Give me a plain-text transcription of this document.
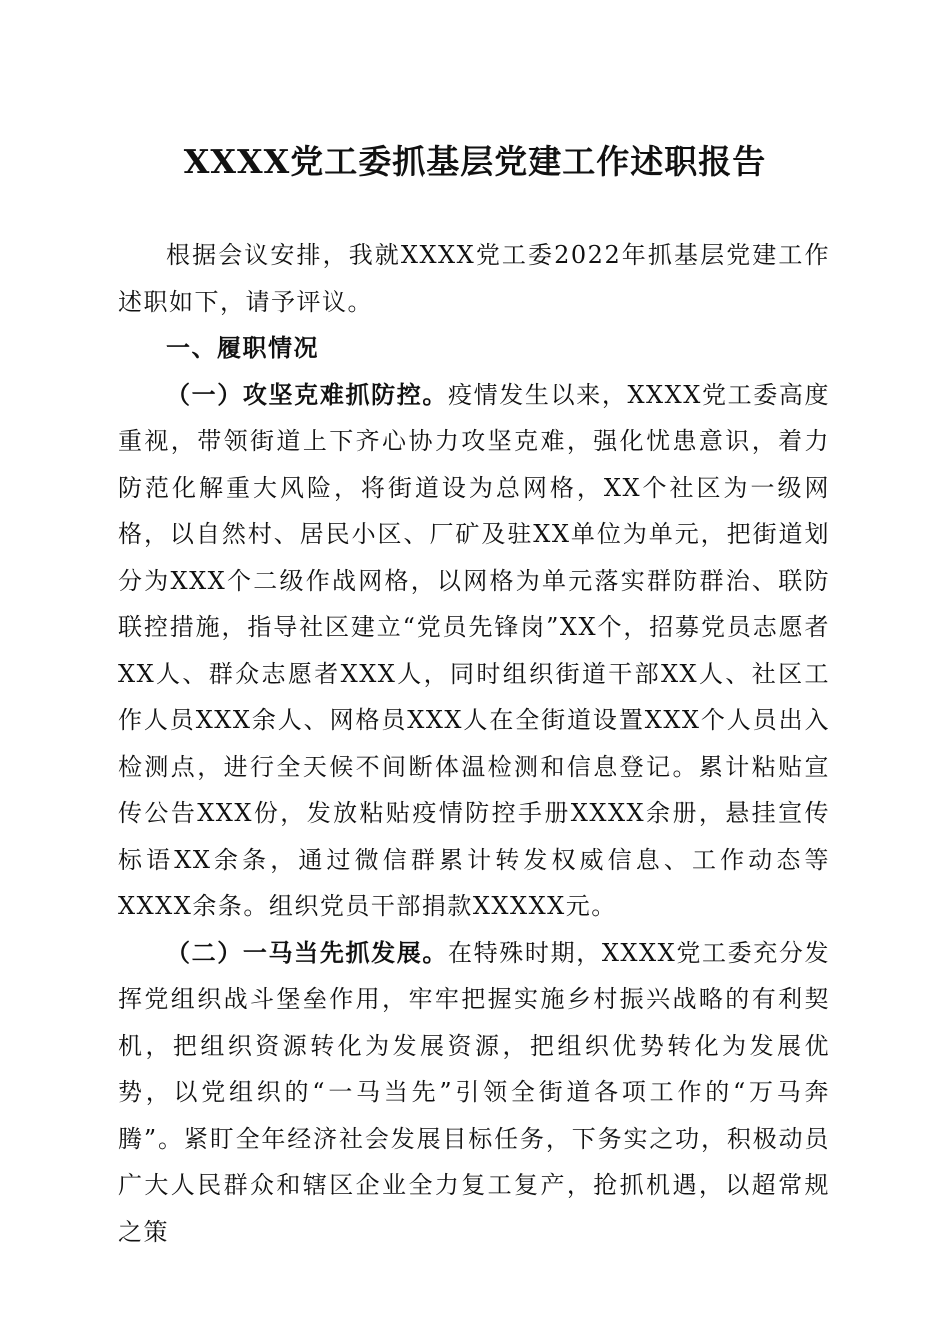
XXXX党工委抓基层党建工作述职报告

根据会议安排，我就XXXX党工委2022年抓基层党建工作述职如下，请予评议。

一、履职情况

（一）攻坚克难抓防控。疫情发生以来，XXXX党工委高度重视，带领街道上下齐心协力攻坚克难，强化忧患意识，着力防范化解重大风险，将街道设为总网格，XX个社区为一级网格，以自然村、居民小区、厂矿及驻XX单位为单元，把街道划分为XXX个二级作战网格，以网格为单元落实群防群治、联防联控措施，指导社区建立“党员先锋岗”XX个，招募党员志愿者XX人、群众志愿者XXX人，同时组织街道干部XX人、社区工作人员XXX余人、网格员XXX人在全街道设置XXX个人员出入检测点，进行全天候不间断体温检测和信息登记。累计粘贴宣传公告XXX份，发放粘贴疫情防控手册XXXX余册，悬挂宣传标语XX余条，通过微信群累计转发权威信息、工作动态等XXXX余条。组织党员干部捐款XXXXX元。

（二）一马当先抓发展。在特殊时期，XXXX党工委充分发挥党组织战斗堡垒作用，牢牢把握实施乡村振兴战略的有利契机，把组织资源转化为发展资源，把组织优势转化为发展优势，以党组织的“一马当先”引领全街道各项工作的“万马奔腾”。紧盯全年经济社会发展目标任务，下务实之功，积极动员广大人民群众和辖区企业全力复工复产，抢抓机遇，以超常规之策
